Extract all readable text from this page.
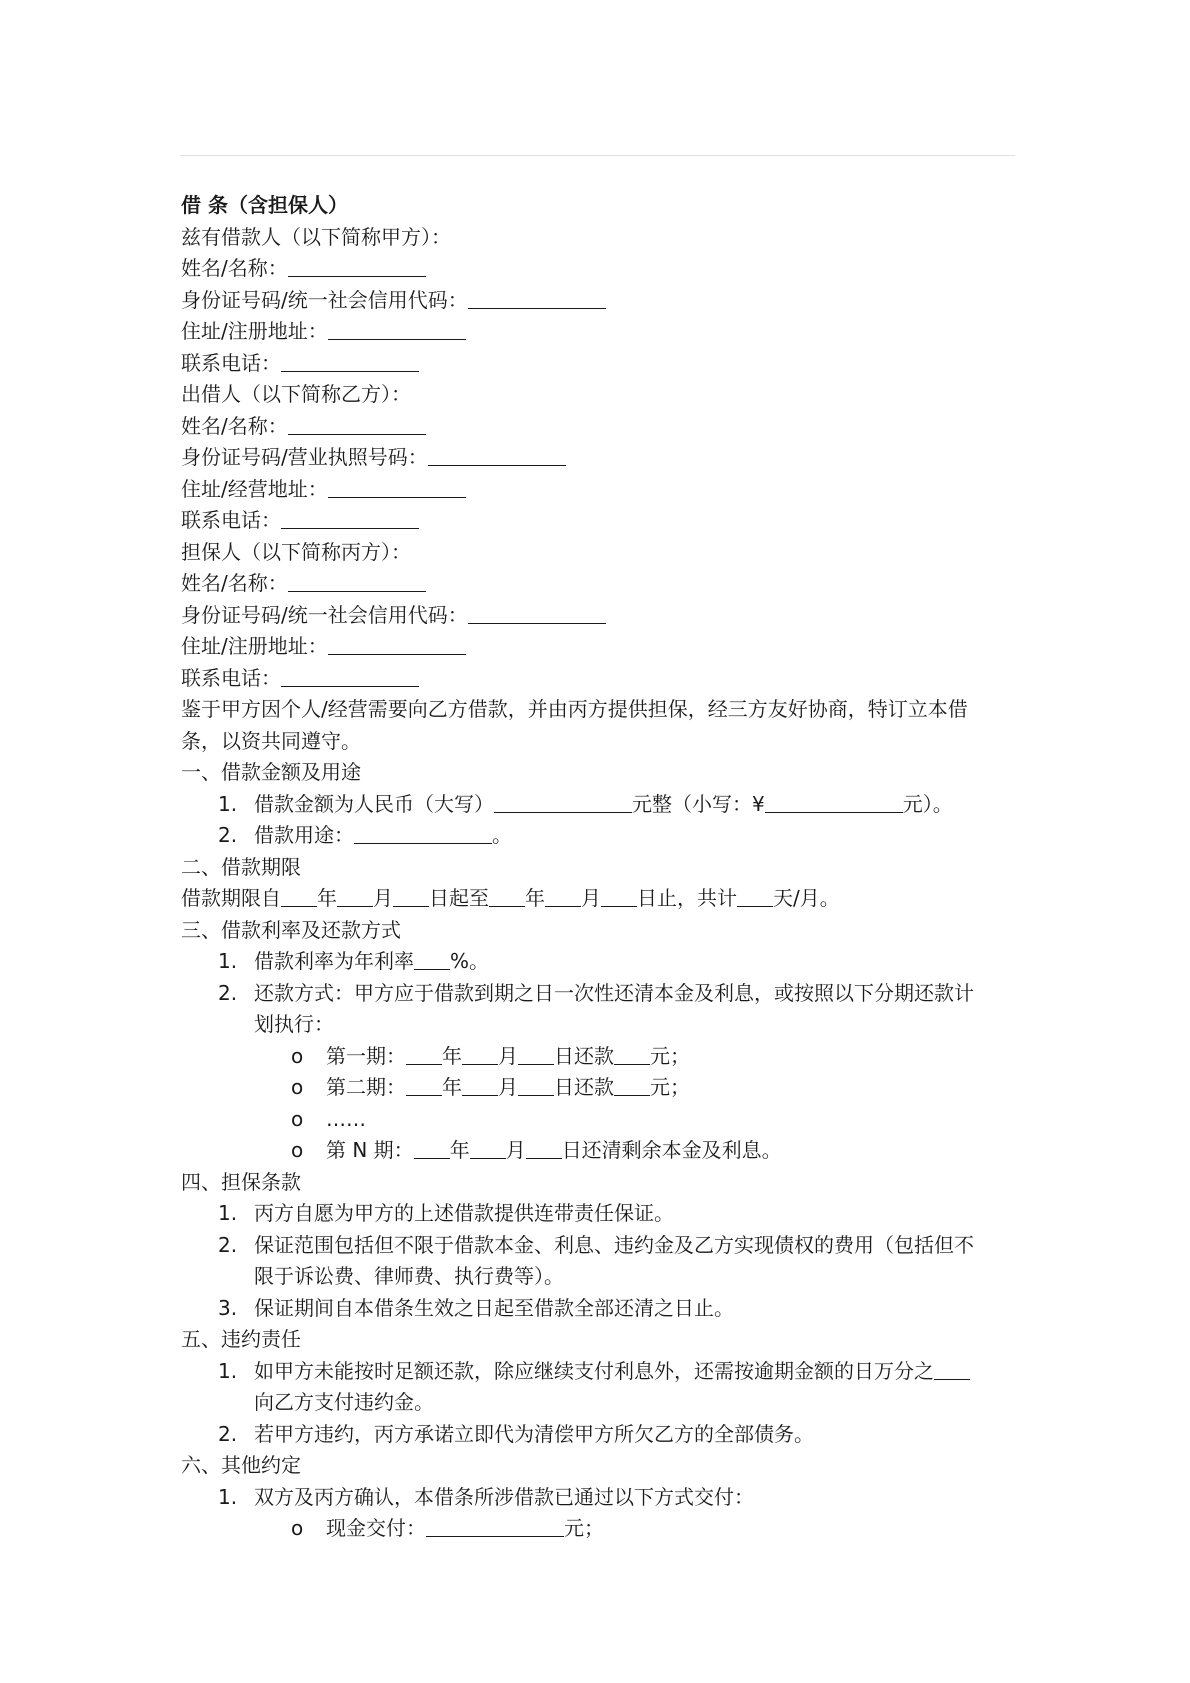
借 条（含担保人）
兹有借款人（以下简称甲方）：
姓名/名称：
身份证号码/统一社会信用代码：
住址/注册地址：
联系电话：
出借人（以下简称乙方）：
姓名/名称：
身份证号码/营业执照号码：
住址/经营地址：
联系电话：
担保人（以下简称丙方）：
姓名/名称：
身份证号码/统一社会信用代码：
住址/注册地址：
联系电话：
鉴于甲方因个人/经营需要向乙方借款，并由丙方提供担保，经三方友好协商，特订立本借
条，以资共同遵守。
一、借款金额及用途
1. 借款金额为人民币（大写）	元整（小写：¥	元）。
2. 借款用途：	。
二、借款期限
借款期限自 年 月 日起至 年 月 日止，共计 天/月。
三、借款利率及还款方式
1. 借款利率为年利率 %。
2. 还款方式：甲方应于借款到期之日一次性还清本金及利息，或按照以下分期还款计
划执行：
o 第一期： 年 月 日还款 元；
o 第二期： 年 月 日还款 元；
o ……
o 第 N 期： 年 月 日还清剩余本金及利息。
四、担保条款
1. 丙方自愿为甲方的上述借款提供连带责任保证。
2. 保证范围包括但不限于借款本金、利息、违约金及乙方实现债权的费用（包括但不
限于诉讼费、律师费、执行费等）。
3. 保证期间自本借条生效之日起至借款全部还清之日止。
五、违约责任
1. 如甲方未能按时足额还款，除应继续支付利息外，还需按逾期金额的日万分之
向乙方支付违约金。
2. 若甲方违约，丙方承诺立即代为清偿甲方所欠乙方的全部债务。
六、其他约定
1. 双方及丙方确认，本借条所涉借款已通过以下方式交付：
o 现金交付：	元；
